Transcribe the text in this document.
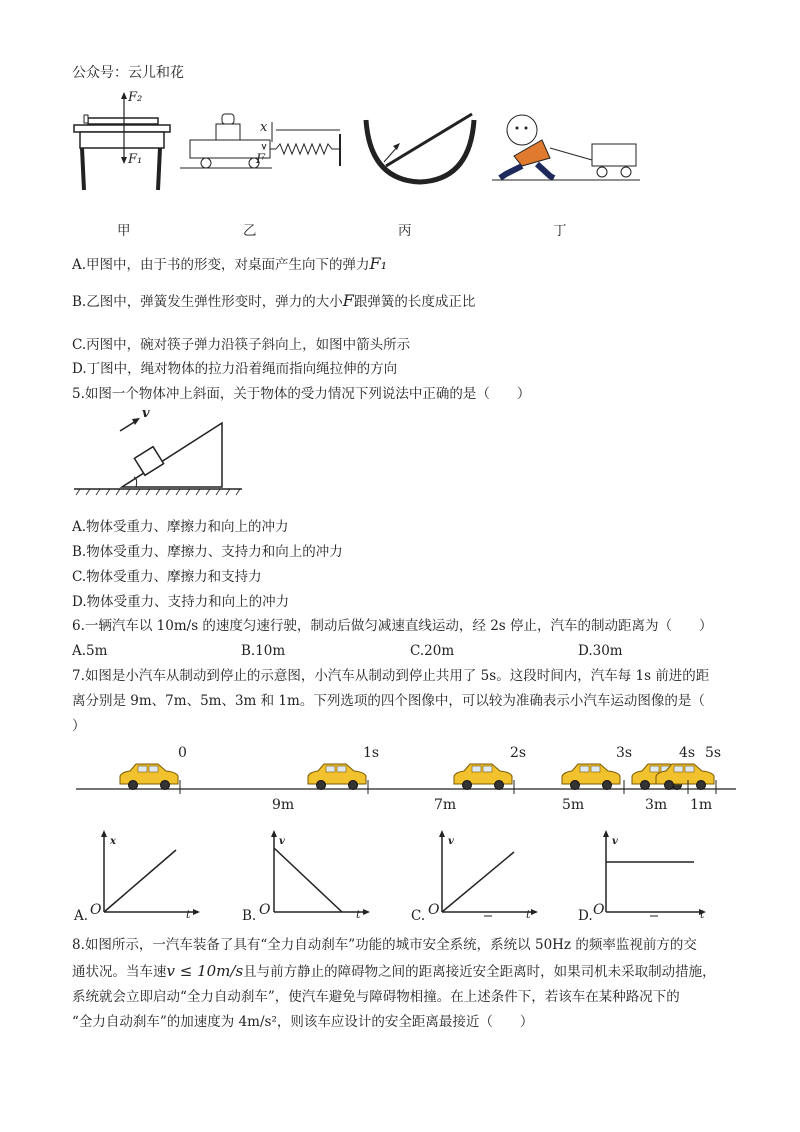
公众号：云儿和花
F₂
F₁
x
F
甲	乙	丙	丁
A.甲图中，由于书的形变，对桌面产生向下的弹力F₁
B.乙图中，弹簧发生弹性形变时，弹力的大小F跟弹簧的长度成正比
C.丙图中，碗对筷子弹力沿筷子斜向上，如图中箭头所示
D.丁图中，绳对物体的拉力沿着绳而指向绳拉伸的方向
5.如图一个物体冲上斜面，关于物体的受力情况下列说法中正确的是（　　）
v
A.物体受重力、摩擦力和向上的冲力
B.物体受重力、摩擦力、支持力和向上的冲力
C.物体受重力、摩擦力和支持力
D.物体受重力、支持力和向上的冲力
6.一辆汽车以 10m/s 的速度匀速行驶，制动后做匀减速直线运动，经 2s 停止，汽车的制动距离为（　　）
A.5m	B.10m	C.20m	D.30m
7.如图是小汽车从制动到停止的示意图，小汽车从制动到停止共用了 5s。这段时间内，汽车每 1s 前进的距
离分别是 9m、7m、5m、3m 和 1m。下列选项的四个图像中，可以较为准确表示小汽车运动图像的是（
）
0	1s	2s	3s	4s 5s
9m	7m	5m	3m 1m
A. O
x
t	B. O
v
t	C. O
v
t	D. O
v
t
8.如图所示，一汽车装备了具有“全力自动刹车”功能的城市安全系统，系统以 50Hz 的频率监视前方的交
通状况。当车速v ≤ 10m/s且与前方静止的障碍物之间的距离接近安全距离时，如果司机未采取制动措施，
系统就会立即启动“全力自动刹车”，使汽车避免与障碍物相撞。在上述条件下，若该车在某种路况下的
“全力自动刹车”的加速度为 4m/s²，则该车应设计的安全距离最接近（　　）
